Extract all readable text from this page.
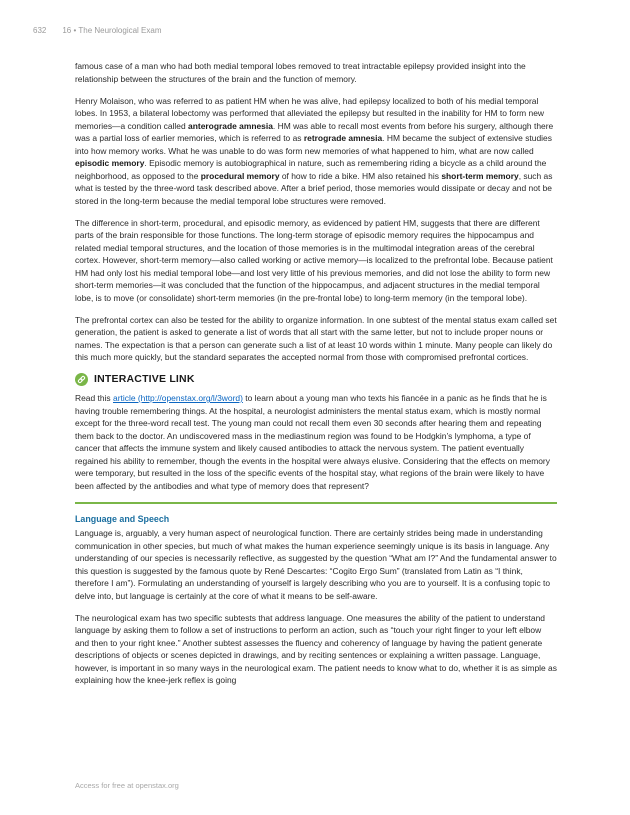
632 16 • The Neurological Exam

famous case of a man who had both medial temporal lobes removed to treat intractable epilepsy provided insight into the relationship between the structures of the brain and the function of memory.

Henry Molaison, who was referred to as patient HM when he was alive, had epilepsy localized to both of his medial temporal lobes. In 1953, a bilateral lobectomy was performed that alleviated the epilepsy but resulted in the inability for HM to form new memories—a condition called anterograde amnesia. HM was able to recall most events from before his surgery, although there was a partial loss of earlier memories, which is referred to as retrograde amnesia. HM became the subject of extensive studies into how memory works. What he was unable to do was form new memories of what happened to him, what are now called episodic memory. Episodic memory is autobiographical in nature, such as remembering riding a bicycle as a child around the neighborhood, as opposed to the procedural memory of how to ride a bike. HM also retained his short-term memory, such as what is tested by the three-word task described above. After a brief period, those memories would dissipate or decay and not be stored in the long-term because the medial temporal lobe structures were removed.

The difference in short-term, procedural, and episodic memory, as evidenced by patient HM, suggests that there are different parts of the brain responsible for those functions. The long-term storage of episodic memory requires the hippocampus and related medial temporal structures, and the location of those memories is in the multimodal integration areas of the cerebral cortex. However, short-term memory—also called working or active memory—is localized to the prefrontal lobe. Because patient HM had only lost his medial temporal lobe—and lost very little of his previous memories, and did not lose the ability to form new short-term memories—it was concluded that the function of the hippocampus, and adjacent structures in the medial temporal lobe, is to move (or consolidate) short-term memories (in the pre-frontal lobe) to long-term memory (in the temporal lobe).

The prefrontal cortex can also be tested for the ability to organize information. In one subtest of the mental status exam called set generation, the patient is asked to generate a list of words that all start with the same letter, but not to include proper nouns or names. The expectation is that a person can generate such a list of at least 10 words within 1 minute. Many people can likely do this much more quickly, but the standard separates the accepted normal from those with compromised prefrontal cortices.

INTERACTIVE LINK

Read this article (http://openstax.org/l/3word) to learn about a young man who texts his fiancée in a panic as he finds that he is having trouble remembering things. At the hospital, a neurologist administers the mental status exam, which is mostly normal except for the three-word recall test. The young man could not recall them even 30 seconds after hearing them and repeating them back to the doctor. An undiscovered mass in the mediastinum region was found to be Hodgkin’s lymphoma, a type of cancer that affects the immune system and likely caused antibodies to attack the nervous system. The patient eventually regained his ability to remember, though the events in the hospital were always elusive. Considering that the effects on memory were temporary, but resulted in the loss of the specific events of the hospital stay, what regions of the brain were likely to have been affected by the antibodies and what type of memory does that represent?

Language and Speech

Language is, arguably, a very human aspect of neurological function. There are certainly strides being made in understanding communication in other species, but much of what makes the human experience seemingly unique is its basis in language. Any understanding of our species is necessarily reflective, as suggested by the question “What am I?” And the fundamental answer to this question is suggested by the famous quote by René Descartes: “Cogito Ergo Sum” (translated from Latin as “I think, therefore I am”). Formulating an understanding of yourself is largely describing who you are to yourself. It is a confusing topic to delve into, but language is certainly at the core of what it means to be self-aware.

The neurological exam has two specific subtests that address language. One measures the ability of the patient to understand language by asking them to follow a set of instructions to perform an action, such as “touch your right finger to your left elbow and then to your right knee.” Another subtest assesses the fluency and coherency of language by having the patient generate descriptions of objects or scenes depicted in drawings, and by reciting sentences or explaining a written passage. Language, however, is important in so many ways in the neurological exam. The patient needs to know what to do, whether it is as simple as explaining how the knee-jerk reflex is going

Access for free at openstax.org
